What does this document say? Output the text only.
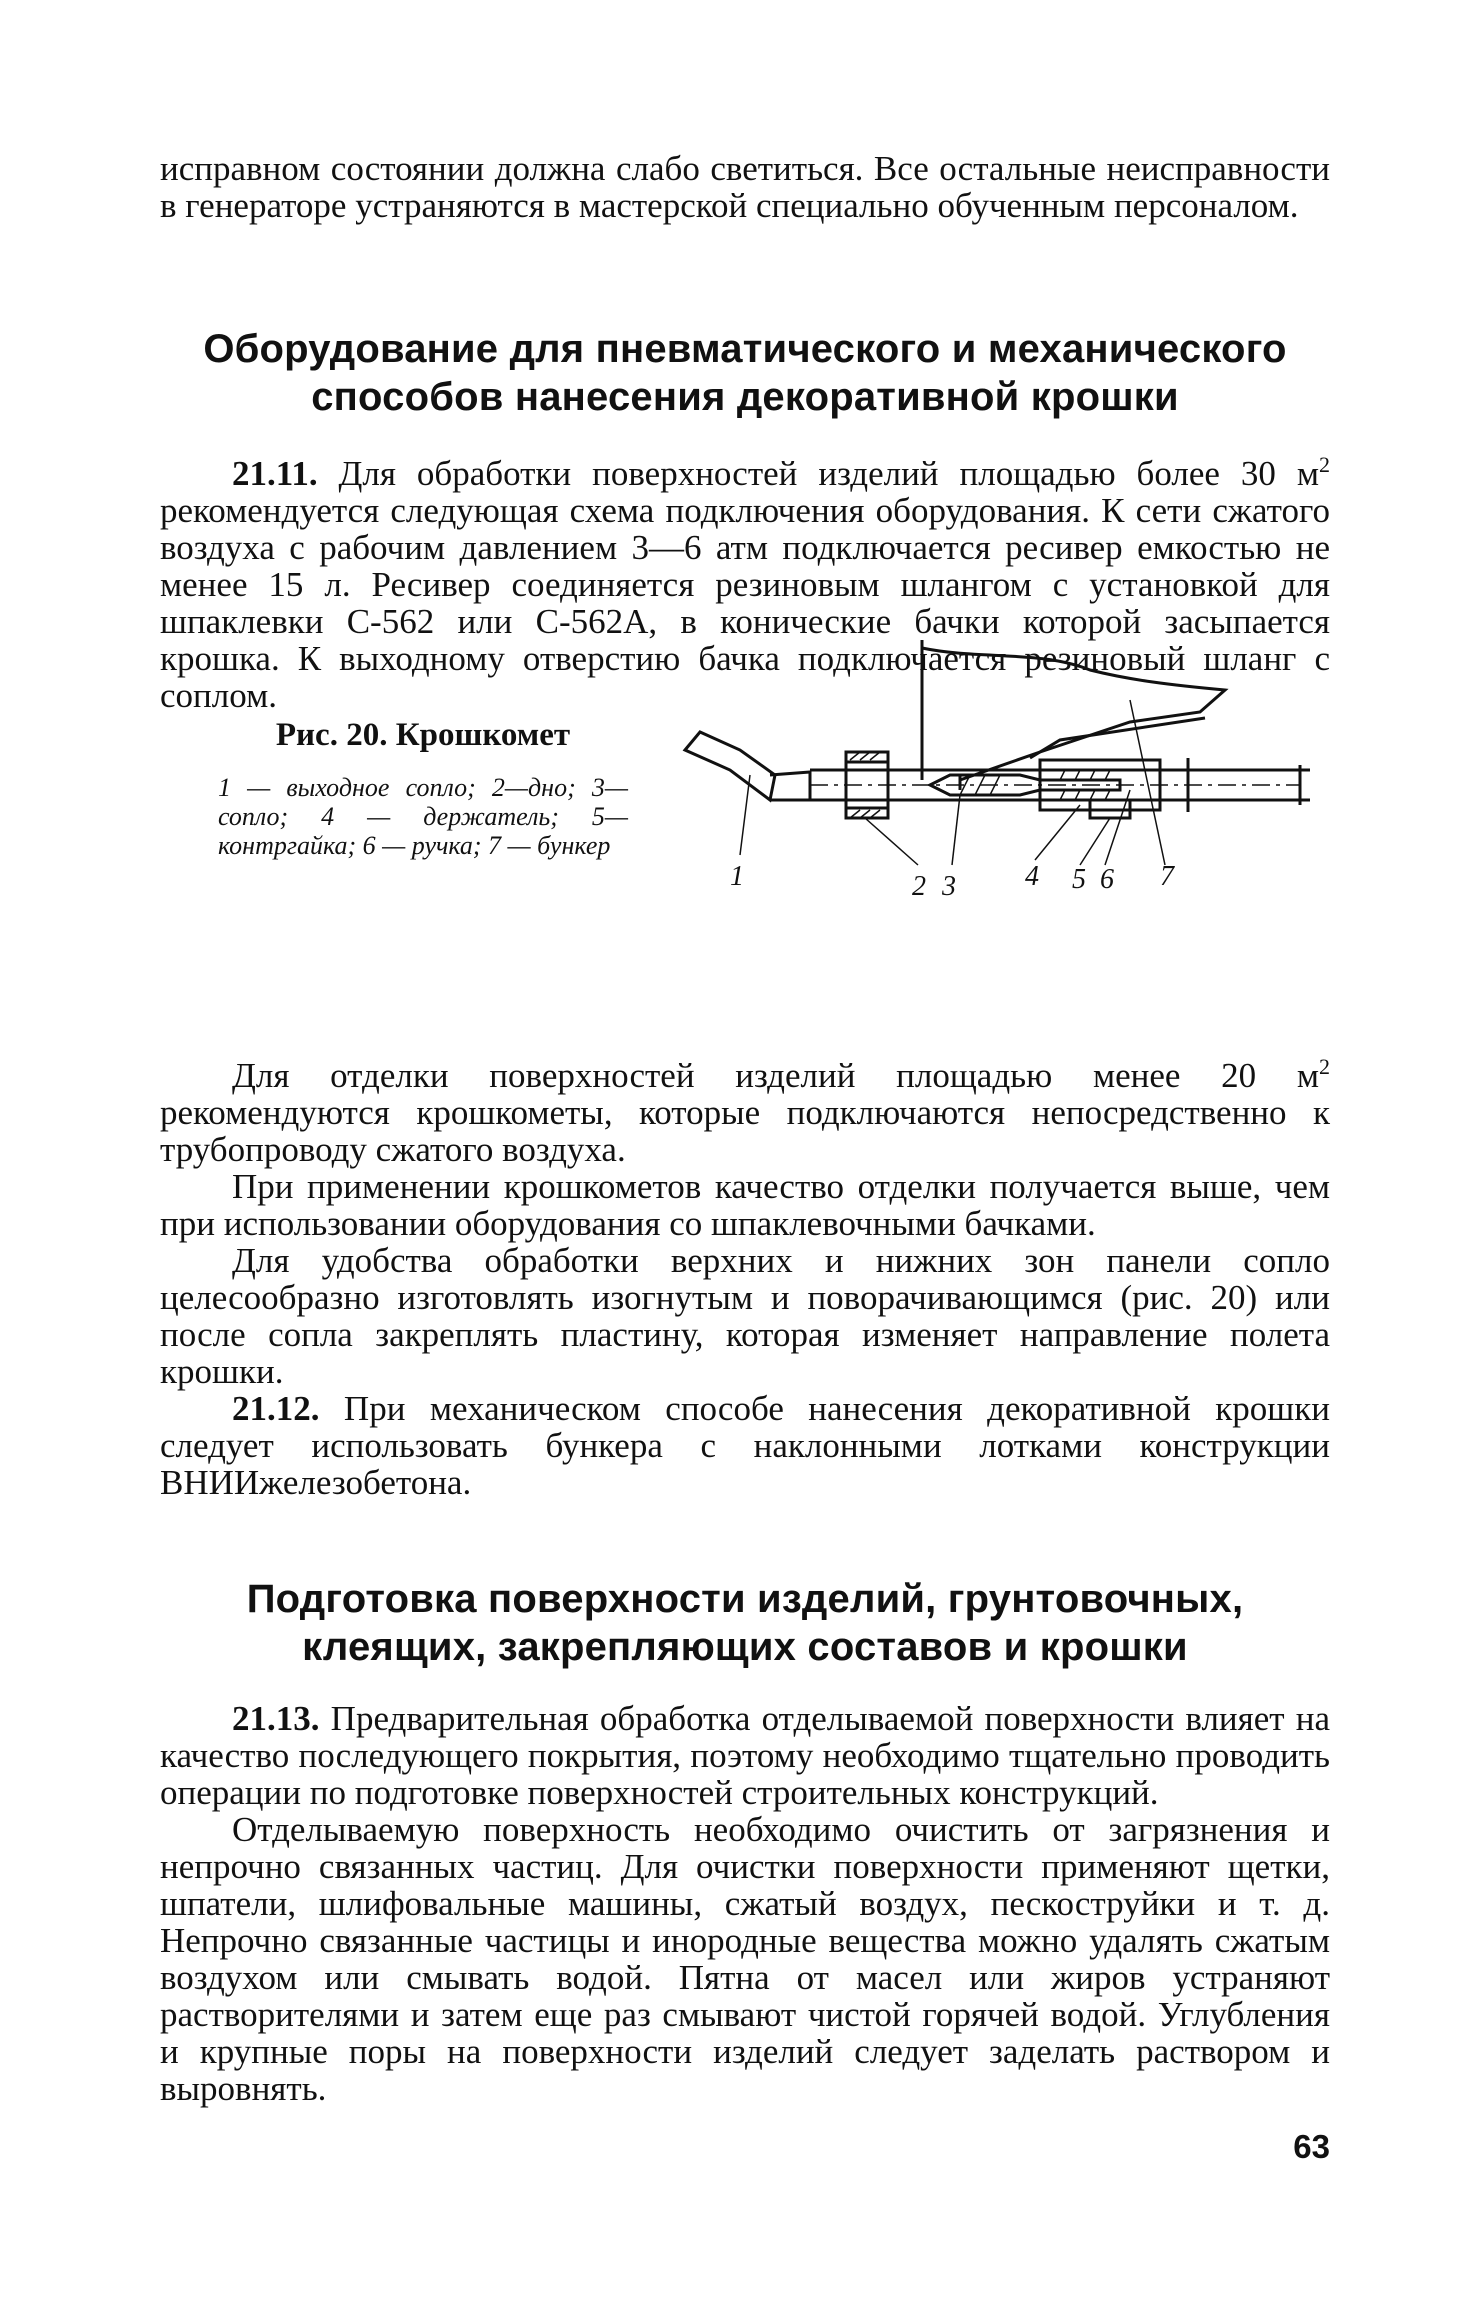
исправном состоянии должна слабо светиться. Все остальные неисправности в генераторе устраняются в мастерской специально обученным персоналом.

Оборудование для пневматического и механического способов нанесения декоративной крошки

21.11. Для обработки поверхностей изделий площадью более 30 $м^2$ рекомендуется следующая схема подключения оборудования. К сети сжатого воздуха с рабочим давлением 3—6 атм подключается ресивер емкостью не менее 15 л. Ресивер соединяется резиновым шлангом с установкой для шпаклевки С-562 или С-562А, в конические бачки которой засыпается крошка. К выходному отверстию бачка подключается резиновый шланг с соплом.

Рис. 20. Крошкомет

1 — выходное сопло; 2—дно; 3—сопло; 4 — держатель; 5—контргайка; 6 — ручка; 7 — бункер

1	2 3 4 5 6 7

Для отделки поверхностей изделий площадью менее 20 $м^2$ рекомендуются крошкометы, которые подключаются непосредственно к трубопроводу сжатого воздуха.

При применении крошкометов качество отделки получается выше, чем при использовании оборудования со шпаклевочными бачками.

Для удобства обработки верхних и нижних зон панели сопло целесообразно изготовлять изогнутым и поворачивающимся (рис. 20) или после сопла закреплять пластину, которая изменяет направление полета крошки.

21.12. При механическом способе нанесения декоративной крошки следует использовать бункера с наклонными лотками конструкции ВНИИжелезобетона.

Подготовка поверхности изделий, грунтовочных, клеящих, закрепляющих составов и крошки

21.13. Предварительная обработка отделываемой поверхности влияет на качество последующего покрытия, поэтому необходимо тщательно проводить операции по подготовке поверхностей строительных конструкций.

Отделываемую поверхность необходимо очистить от загрязнения и непрочно связанных частиц. Для очистки поверхности применяют щетки, шпатели, шлифовальные машины, сжатый воздух, пескоструйки и т. д. Непрочно связанные частицы и инородные вещества можно удалять сжатым воздухом или смывать водой. Пятна от масел или жиров устраняют растворителями и затем еще раз смывают чистой горячей водой. Углубления и крупные поры на поверхности изделий следует заделать раствором и выровнять.

63
